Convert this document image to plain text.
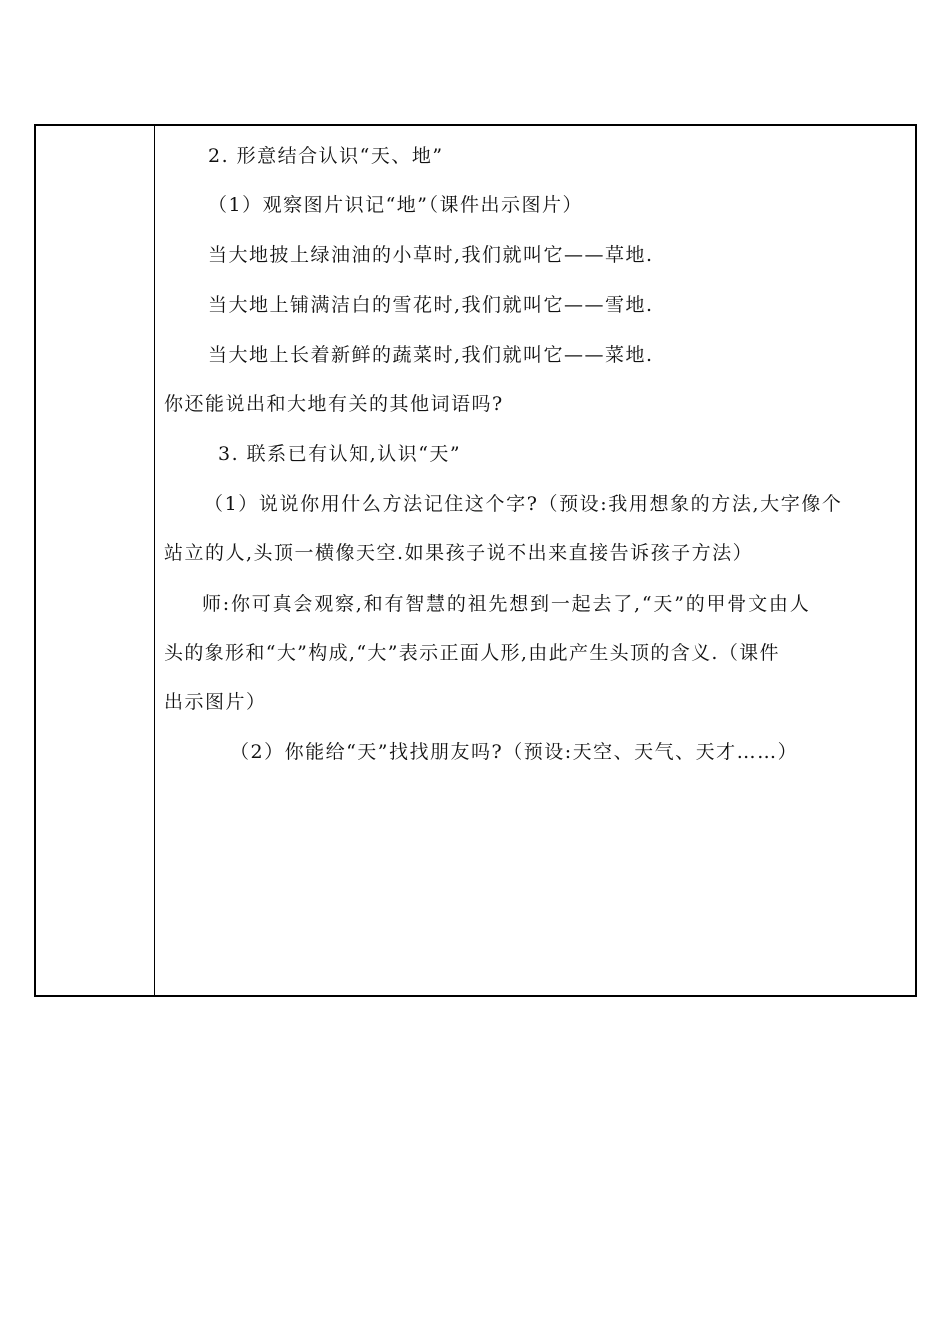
2. 形意结合认识“天、地”
（1）观察图片识记“地”（课件出示图片）
当大地披上绿油油的小草时,我们就叫它——草地.
当大地上铺满洁白的雪花时,我们就叫它——雪地.
当大地上长着新鲜的蔬菜时,我们就叫它——菜地.
你还能说出和大地有关的其他词语吗?
3. 联系已有认知,认识“天”
（1）说说你用什么方法记住这个字?（预设:我用想象的方法,大字像个
站立的人,头顶一横像天空.如果孩子说不出来直接告诉孩子方法）
师:你可真会观察,和有智慧的祖先想到一起去了,“天”的甲骨文由人
头的象形和“大”构成,“大”表示正面人形,由此产生头顶的含义.（课件
出示图片）
（2）你能给“天”找找朋友吗?（预设:天空、天气、天才……）
